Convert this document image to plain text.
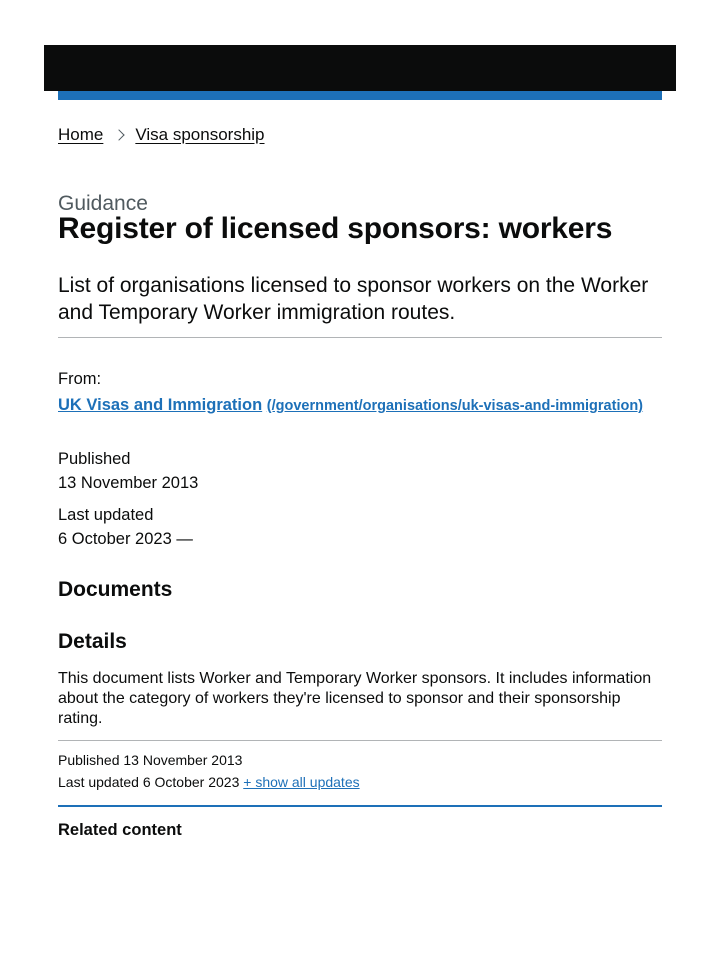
Home Visa sponsorship
Guidance
Register of licensed sponsors: workers

List of organisations licensed to sponsor workers on the Worker and Temporary Worker immigration routes.

From:
UK Visas and Immigration (/government/organisations/uk-visas-and-immigration)
Published
13 November 2013
Last updated
6 October 2023 —
Documents
Details

This document lists Worker and Temporary Worker sponsors. It includes information about the category of workers they're licensed to sponsor and their sponsorship rating.

Published 13 November 2013
Last updated 6 October 2023 + show all updates
Related content
